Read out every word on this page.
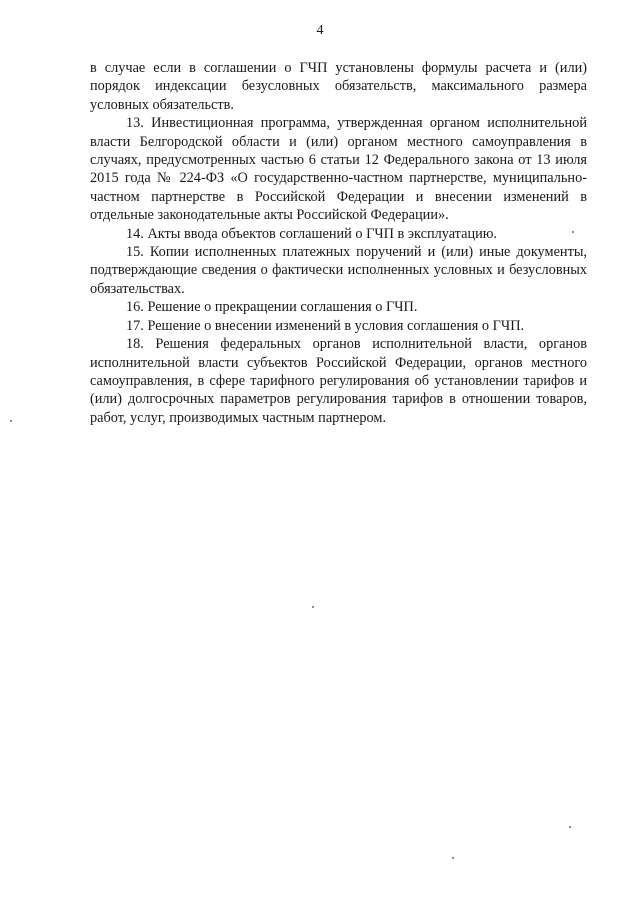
4

в случае если в соглашении о ГЧП установлены формулы расчета и (или) порядок индексации безусловных обязательств, максимального размера условных обязательств.

13. Инвестиционная программа, утвержденная органом исполнительной власти Белгородской области и (или) органом местного самоуправления в случаях, предусмотренных частью 6 статьи 12 Федерального закона от 13 июля 2015 года № 224-ФЗ «О государственно-частном партнерстве, муниципально-частном партнерстве в Российской Федерации и внесении изменений в отдельные законодательные акты Российской Федерации».

14. Акты ввода объектов соглашений о ГЧП в эксплуатацию.

15. Копии исполненных платежных поручений и (или) иные документы, подтверждающие сведения о фактически исполненных условных и безусловных обязательствах.

16. Решение о прекращении соглашения о ГЧП.

17. Решение о внесении изменений в условия соглашения о ГЧП.

18. Решения федеральных органов исполнительной власти, органов исполнительной власти субъектов Российской Федерации, органов местного самоуправления, в сфере тарифного регулирования об установлении тарифов и (или) долгосрочных параметров регулирования тарифов в отношении товаров, работ, услуг, производимых частным партнером.
